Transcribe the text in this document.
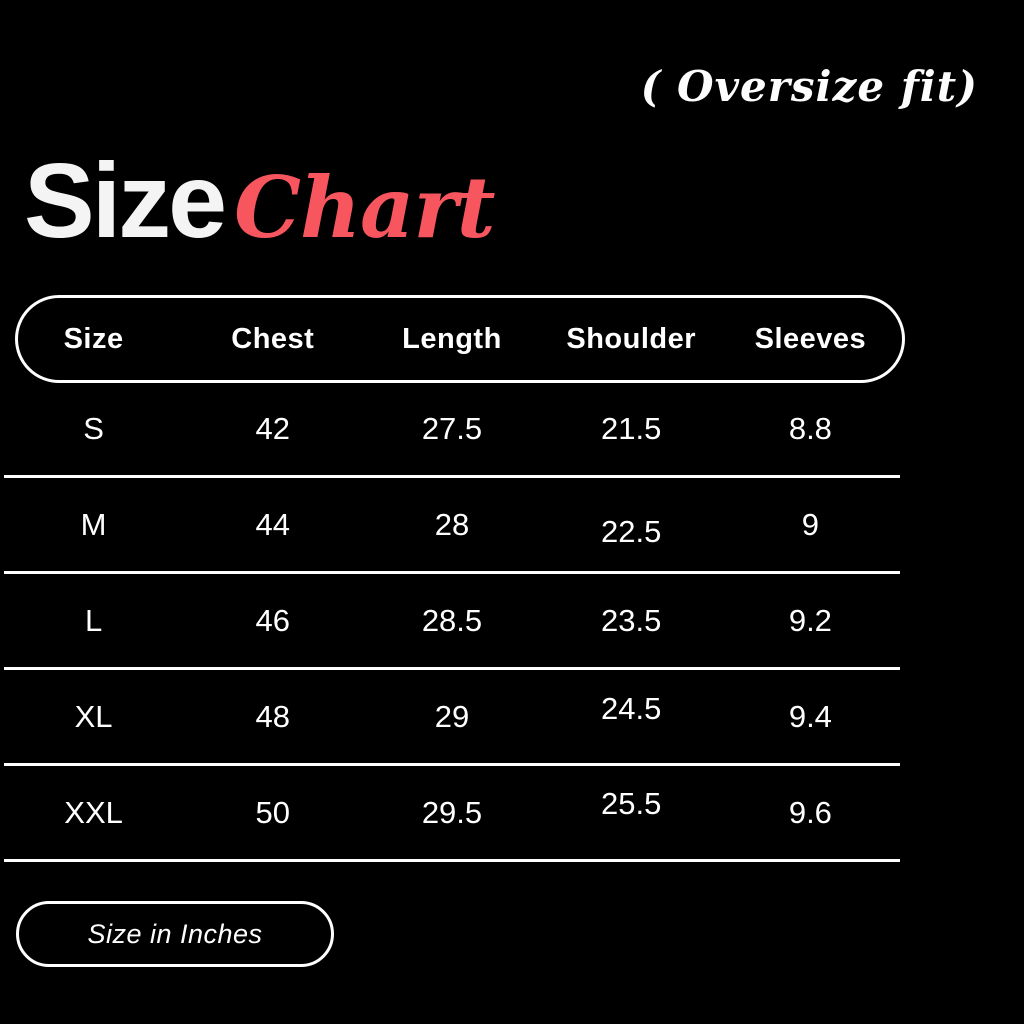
( Oversize fit)
Size Chart
Size	Chest	Length	Shoulder	Sleeves
S	42	27.5	21.5	8.8
M	44	28	22.5	9
L	46	28.5	23.5	9.2
XL	48	29	24.5	9.4
XXL	50	29.5	25.5	9.6
Size in Inches
